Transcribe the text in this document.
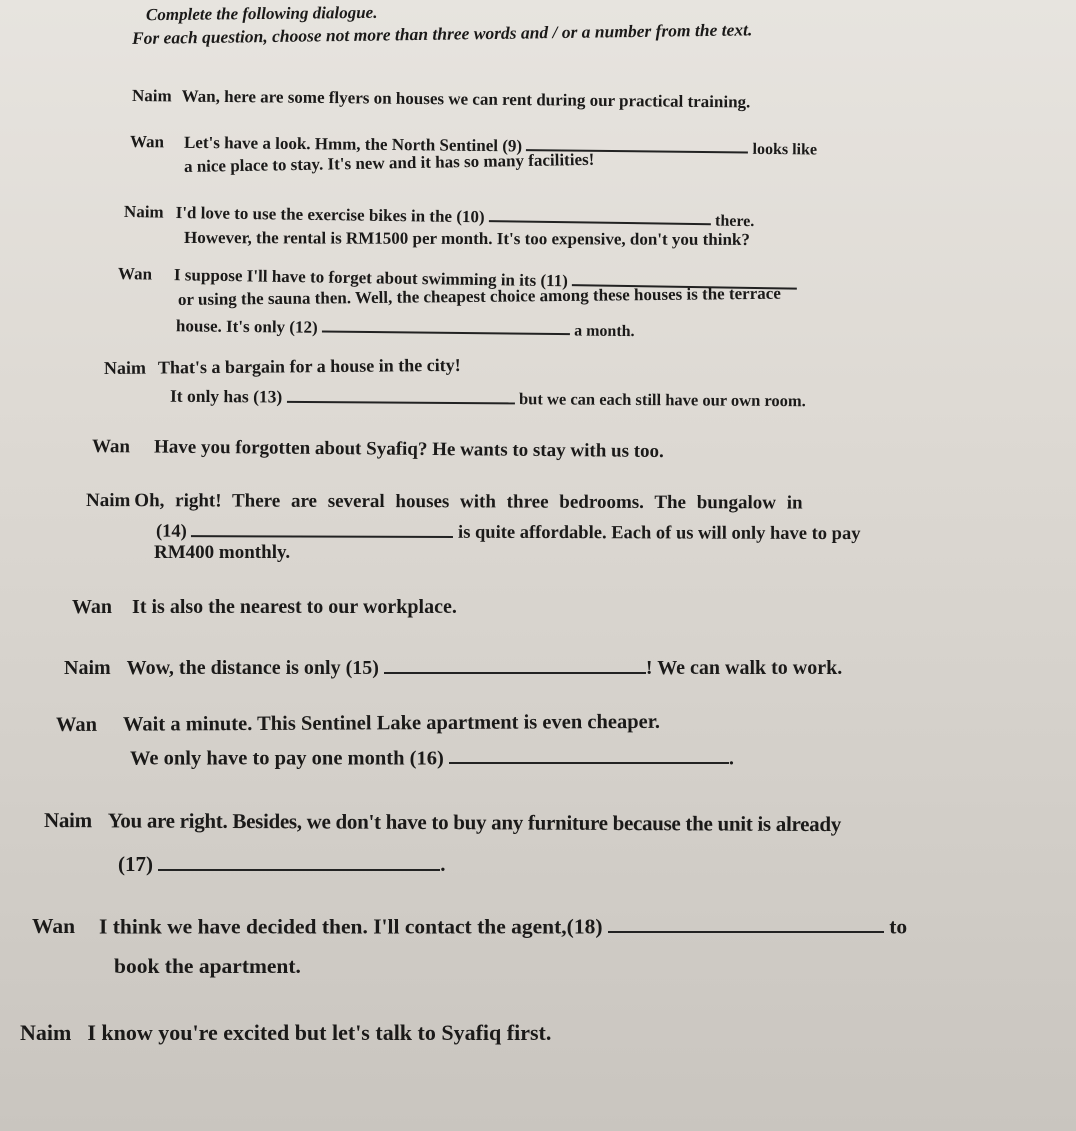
Complete the following dialogue.
For each question, choose not more than three words and / or a number from the text.
Naim Wan, here are some flyers on houses we can rent during our practical training.
Wan Let's have a look. Hmm, the North Sentinel (9)	looks like
a nice place to stay. It's new and it has so many facilities!
Naim I'd love to use the exercise bikes in the (10)	there.
However, the rental is RM1500 per month. It's too expensive, don't you think?
Wan I suppose I'll have to forget about swimming in its (11)
or using the sauna then. Well, the cheapest choice among these houses is the terrace
house. It's only (12)	a month.
Naim That's a bargain for a house in the city!
It only has (13)	but we can each still have our own room.
Wan Have you forgotten about Syafiq? He wants to stay with us too.
Naim Oh, right! There are several houses with three bedrooms. The bungalow in
(14)	is quite affordable. Each of us will only have to pay
RM400 monthly.
Wan It is also the nearest to our workplace.
Naim Wow, the distance is only (15)	! We can walk to work.
Wan Wait a minute. This Sentinel Lake apartment is even cheaper.
We only have to pay one month (16)	.
Naim You are right. Besides, we don't have to buy any furniture because the unit is already
(17)	.
Wan I think we have decided then. I'll contact the agent,(18)	to
book the apartment.
Naim I know you're excited but let's talk to Syafiq first.
